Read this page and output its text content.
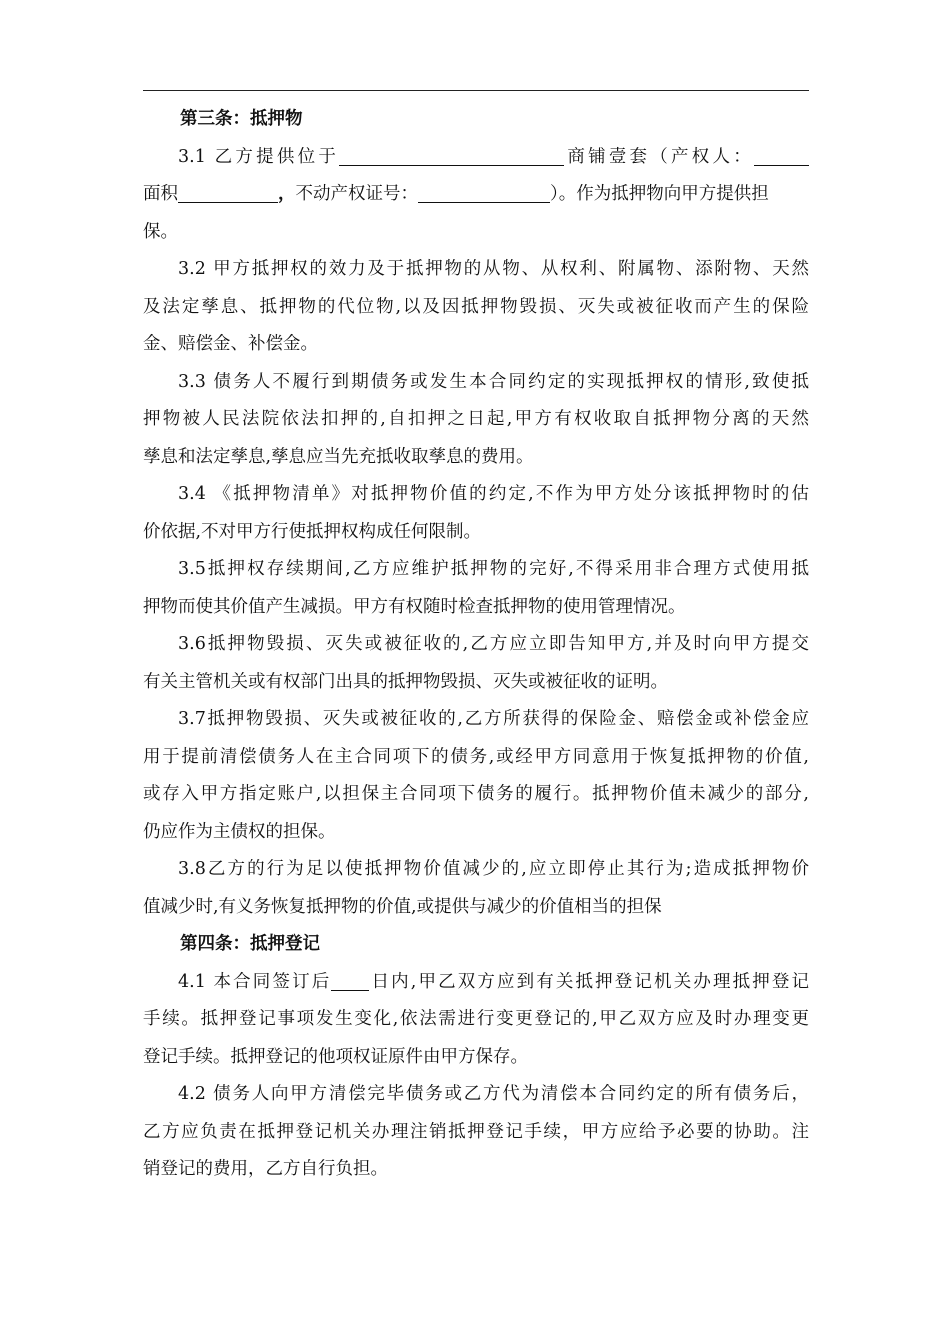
第三条：抵押物
3.1 乙方提供位于	商铺壹套（产权人：
面积	，不动产权证号：	）。作为抵押物向甲方提供担
保。
3.2 甲方抵押权的效力及于抵押物的从物、从权利、附属物、添附物、天然
及法定孳息、抵押物的代位物,以及因抵押物毁损、灭失或被征收而产生的保险
金、赔偿金、补偿金。
3.3 债务人不履行到期债务或发生本合同约定的实现抵押权的情形,致使抵
押物被人民法院依法扣押的,自扣押之日起,甲方有权收取自抵押物分离的天然
孳息和法定孳息,孳息应当先充抵收取孳息的费用。
3.4 《抵押物清单》对抵押物价值的约定,不作为甲方处分该抵押物时的估
价依据,不对甲方行使抵押权构成任何限制。
3.5抵押权存续期间,乙方应维护抵押物的完好,不得采用非合理方式使用抵
押物而使其价值产生减损。甲方有权随时检查抵押物的使用管理情况。
3.6抵押物毁损、灭失或被征收的,乙方应立即告知甲方,并及时向甲方提交
有关主管机关或有权部门出具的抵押物毁损、灭失或被征收的证明。
3.7抵押物毁损、灭失或被征收的,乙方所获得的保险金、赔偿金或补偿金应
用于提前清偿债务人在主合同项下的债务,或经甲方同意用于恢复抵押物的价值,
或存入甲方指定账户,以担保主合同项下债务的履行。抵押物价值未减少的部分,
仍应作为主债权的担保。
3.8乙方的行为足以使抵押物价值减少的,应立即停止其行为;造成抵押物价
值减少时,有义务恢复抵押物的价值,或提供与减少的价值相当的担保
第四条：抵押登记
4.1 本合同签订后 日内,甲乙双方应到有关抵押登记机关办理抵押登记
手续。抵押登记事项发生变化,依法需进行变更登记的,甲乙双方应及时办理变更
登记手续。抵押登记的他项权证原件由甲方保存。
4.2 债务人向甲方清偿完毕债务或乙方代为清偿本合同约定的所有债务后，
乙方应负责在抵押登记机关办理注销抵押登记手续，甲方应给予必要的协助。注
销登记的费用，乙方自行负担。
